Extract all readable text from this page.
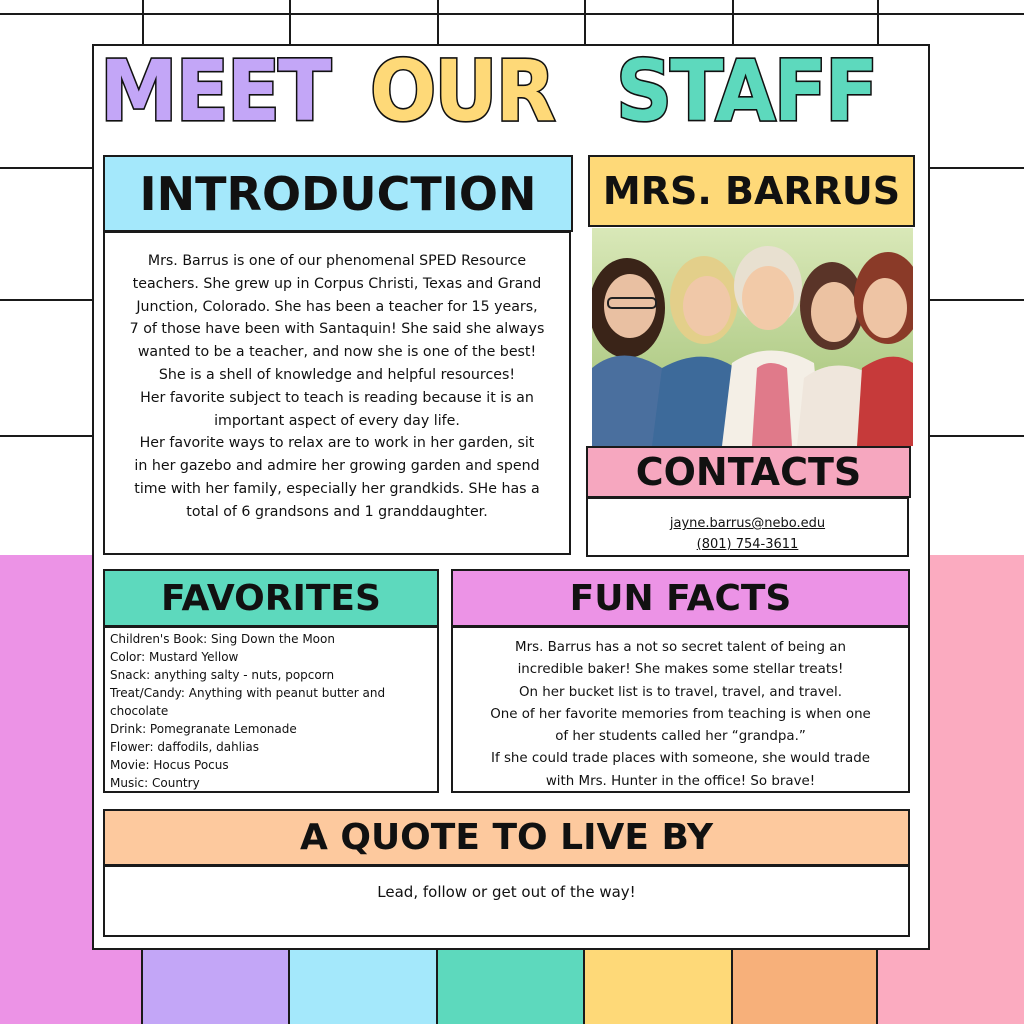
MEET OUR STAFF
INTRODUCTION
Mrs. Barrus is one of our phenomenal SPED Resource
teachers. She grew up in Corpus Christi, Texas and Grand
Junction, Colorado. She has been a teacher for 15 years,
7 of those have been with Santaquin! She said she always
wanted to be a teacher, and now she is one of the best!
She is a shell of knowledge and helpful resources!
Her favorite subject to teach is reading because it is an
important aspect of every day life.
Her favorite ways to relax are to work in her garden, sit
in her gazebo and admire her growing garden and spend
time with her family, especially her grandkids. SHe has a
total of 6 grandsons and 1 granddaughter.
MRS. BARRUS
CONTACTS
jayne.barrus@nebo.edu
(801) 754-3611
FAVORITES
Children's Book: Sing Down the Moon
Color: Mustard Yellow
Snack: anything salty - nuts, popcorn
Treat/Candy: Anything with peanut butter and
chocolate
Drink: Pomegranate Lemonade
Flower: daffodils, dahlias
Movie: Hocus Pocus
Music: Country
FUN FACTS
Mrs. Barrus has a not so secret talent of being an
incredible baker! She makes some stellar treats!
On her bucket list is to travel, travel, and travel.
One of her favorite memories from teaching is when one
of her students called her “grandpa.”
If she could trade places with someone, she would trade
with Mrs. Hunter in the office! So brave!
A QUOTE TO LIVE BY
Lead, follow or get out of the way!
